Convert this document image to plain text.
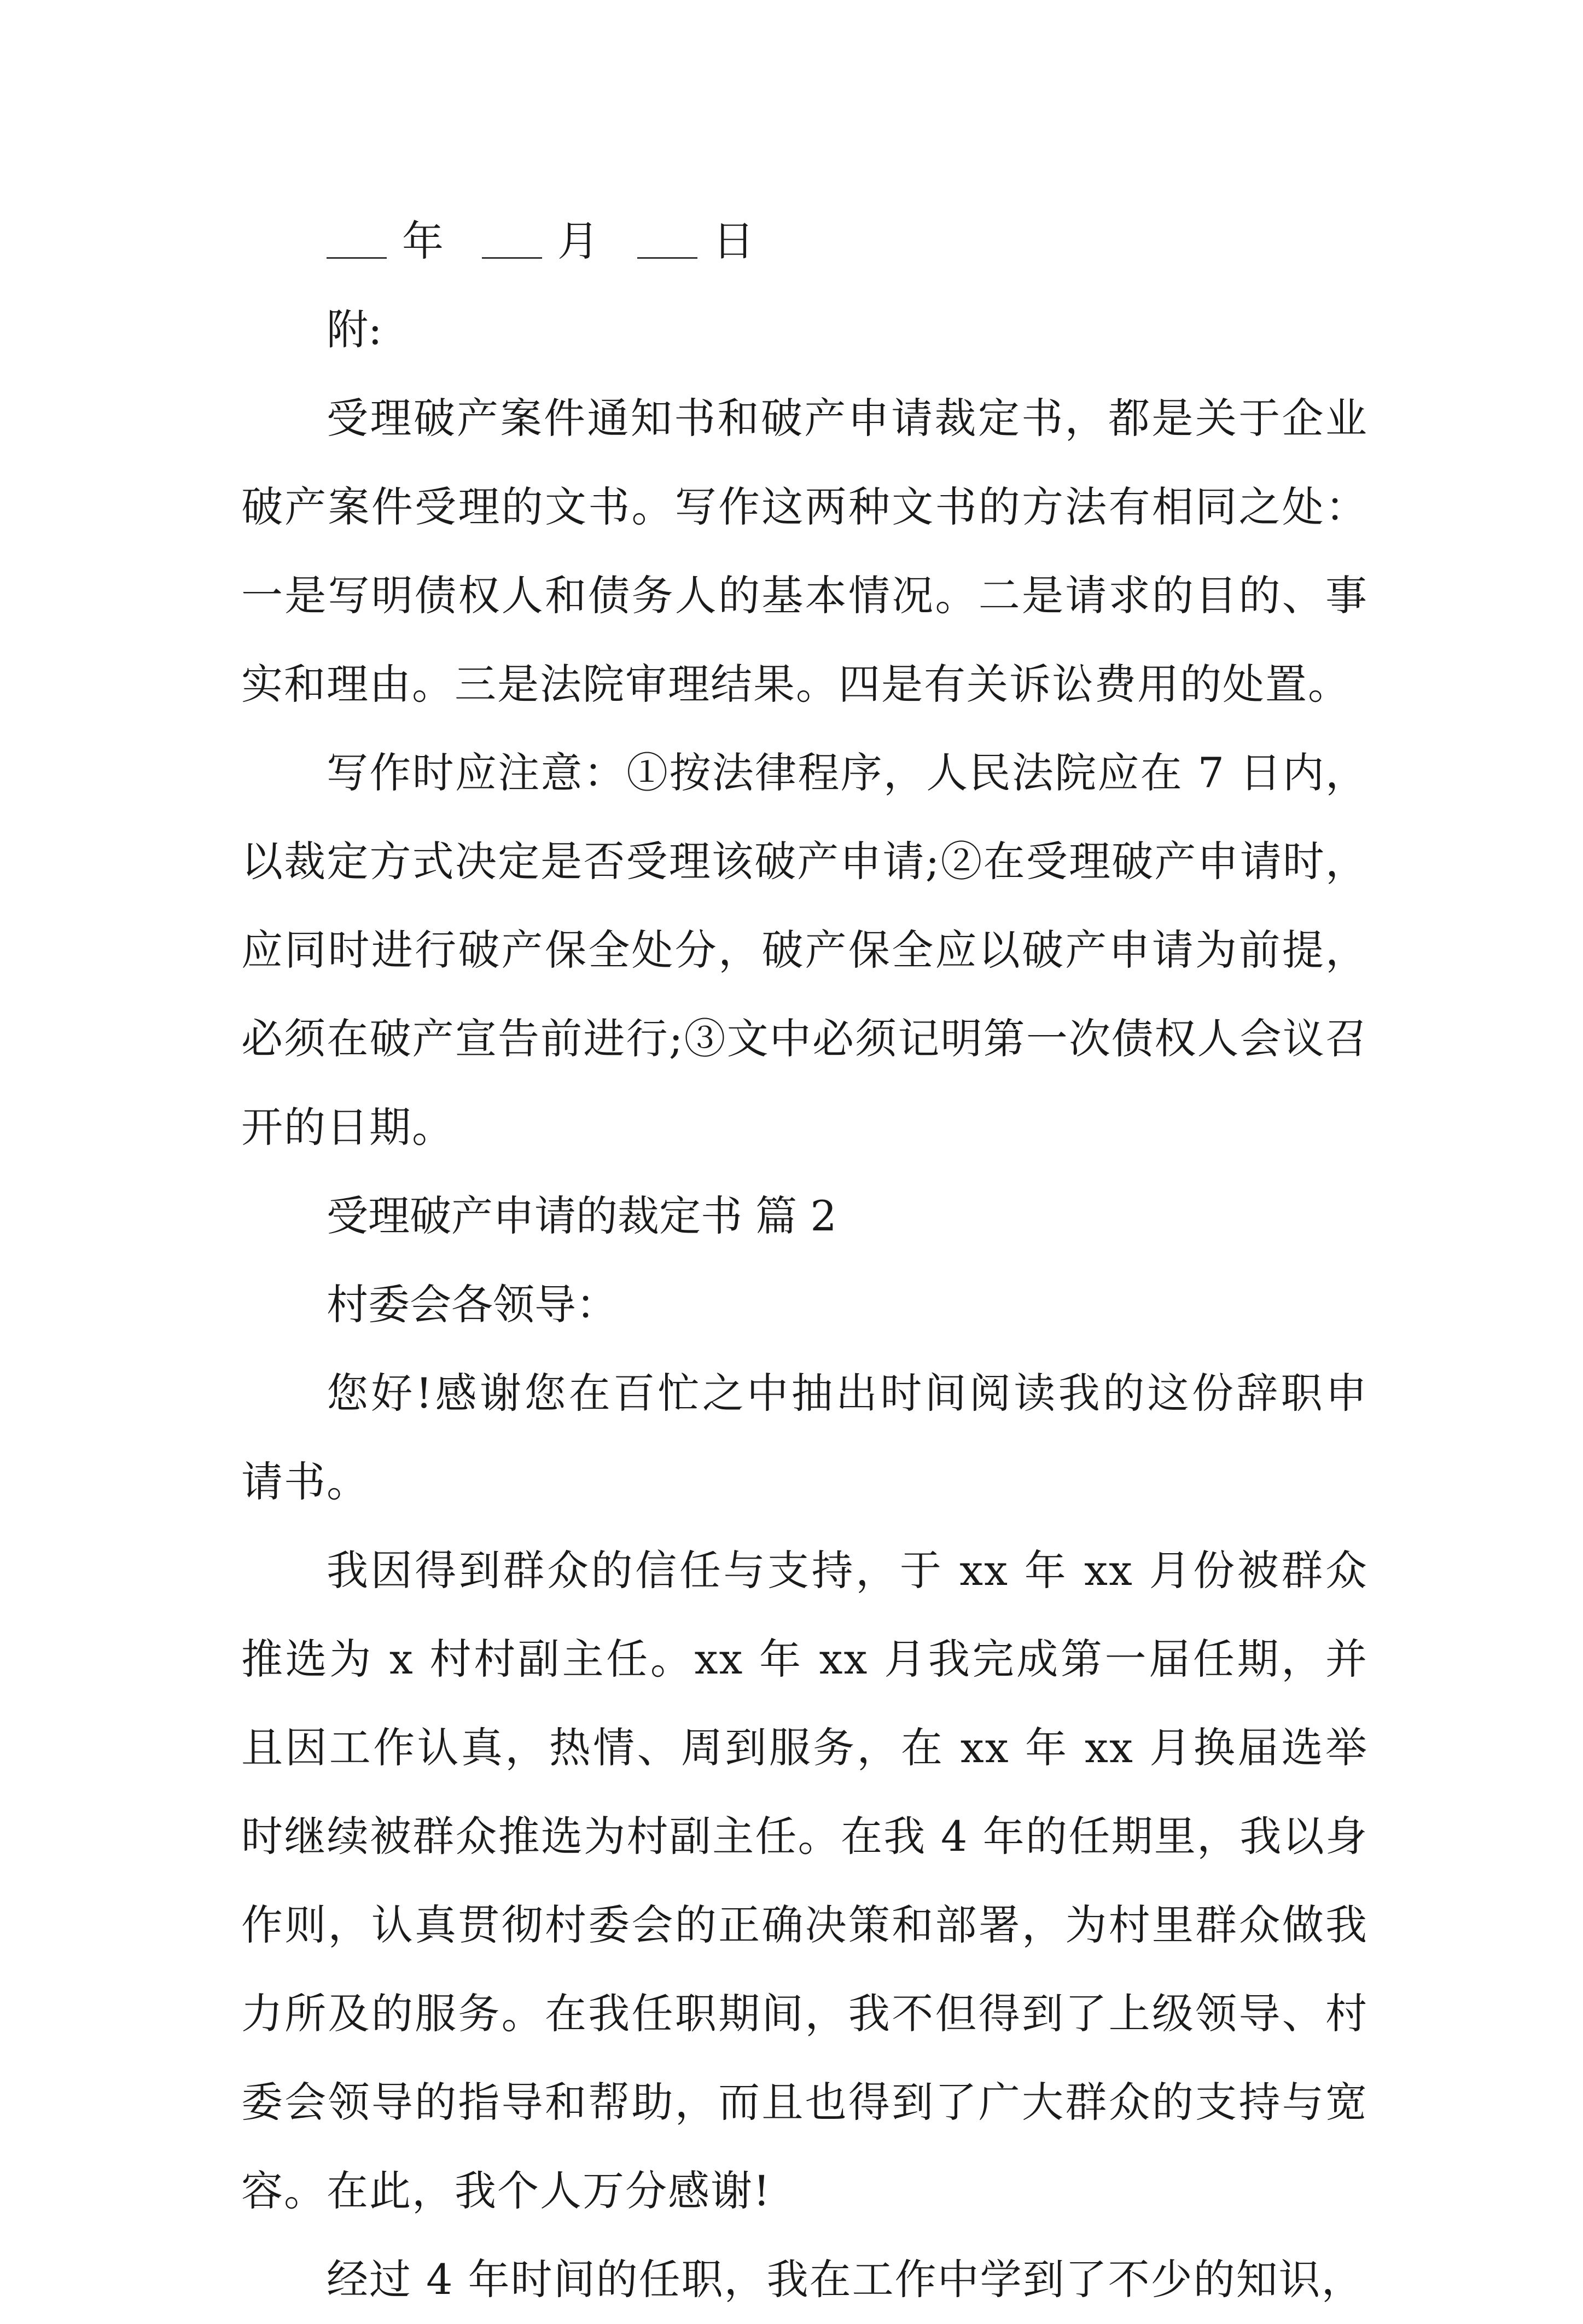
年	月	日

附:

受理破产案件通知书和破产申请裁定书，都是关于企业破产案件受理的文书。写作这两种文书的方法有相同之处：一是写明债权人和债务人的基本情况。二是请求的目的、事实和理由。三是法院审理结果。四是有关诉讼费用的处置。

写作时应注意：①按法律程序，人民法院应在 7 日内，以裁定方式决定是否受理该破产申请;②在受理破产申请时，应同时进行破产保全处分，破产保全应以破产申请为前提，必须在破产宣告前进行;③文中必须记明第一次债权人会议召开的日期。

受理破产申请的裁定书 篇 2

村委会各领导：

您好!感谢您在百忙之中抽出时间阅读我的这份辞职申请书。

我因得到群众的信任与支持，于 xx 年 xx 月份被群众推选为 x 村村副主任。xx 年 xx 月我完成第一届任期，并且因工作认真，热情、周到服务，在 xx 年 xx 月换届选举时继续被群众推选为村副主任。在我 4 年的任期里，我以身作则，认真贯彻村委会的正确决策和部署，为村里群众做我力所及的服务。在我任职期间，我不但得到了上级领导、村委会领导的指导和帮助，而且也得到了广大群众的支持与宽容。在此，我个人万分感谢!

经过 4 年时间的任职，我在工作中学到了不少的知识，
